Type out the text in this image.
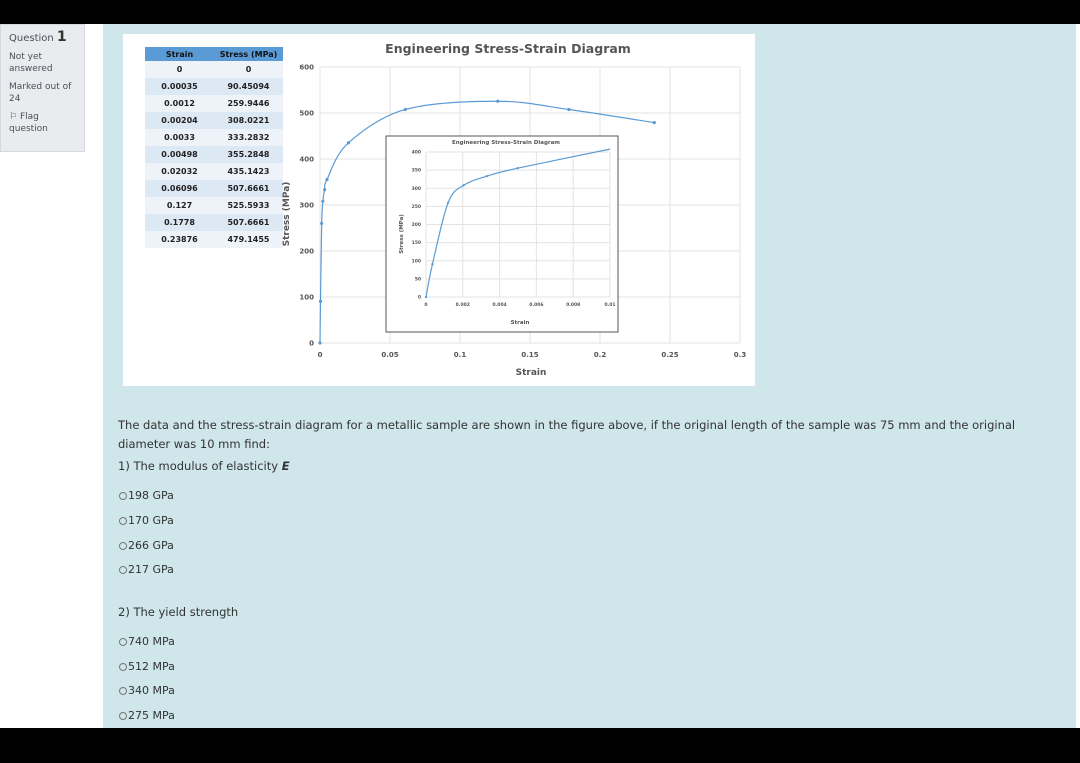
Question 1
Not yet
answered
Marked out of
24
⚐ Flag
question
Strain	Stress (MPa)
0	0
0.00035	90.45094
0.0012	259.9446
0.00204	308.0221
0.0033	333.2832
0.00498	355.2848
0.02032	435.1423
0.06096	507.6661
0.127	525.5933
0.1778	507.6661
0.23876	479.1455
Engineering Stress-Strain Diagram
Strain
Stress (MPa)
0
100
200
300
400
500
600
0	0.05	0.1	0.15	0.2	0.25	0.3
Engineering Stress-Strain Diagram
Strain
Stress (MPa)
0
50
100
150
200
250
300
350
400
0	0.002	0.004	0.006	0.008	0.01
The data and the stress-strain diagram for a metallic sample are shown in the figure above, if the original length of the sample was 75 mm and the original diameter was 10 mm find:
1) The modulus of elasticity E
198 GPa
170 GPa
266 GPa
217 GPa
2) The yield strength
740 MPa
512 MPa
340 MPa
275 MPa
